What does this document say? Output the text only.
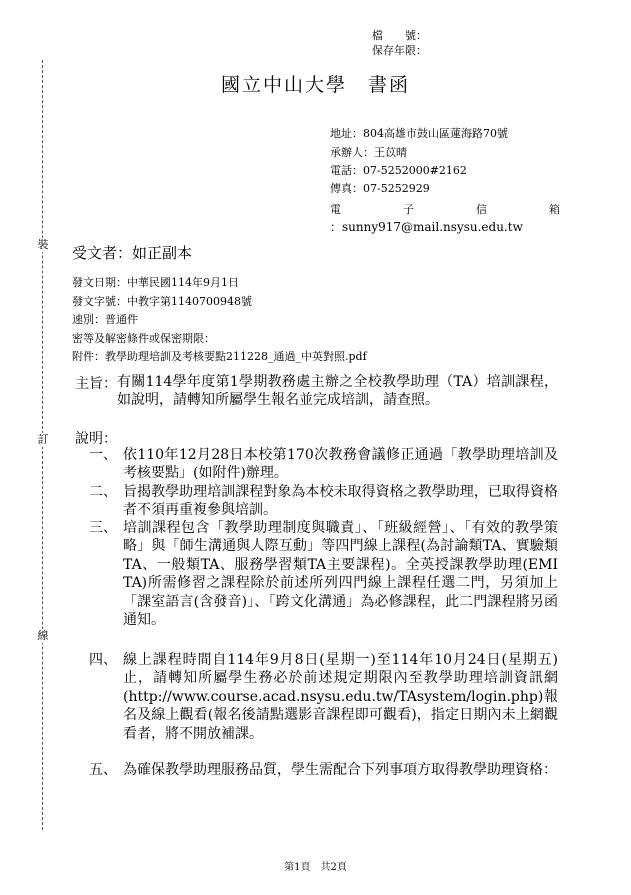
檔　　號：
保存年限：
裝
訂
線
國立中山大學　書函
地址：804高雄市鼓山區蓮海路70號
承辦人：王苡晴
電話：07-5252000#2162
傳真：07-5252929
電	子	信	箱
：sunny917@mail.nsysu.edu.tw
受文者：如正副本
發文日期：中華民國114年9月1日
發文字號：中教字第1140700948號
速別：普通件
密等及解密條件或保密期限：
附件：教學助理培訓及考核要點211228_通過_中英對照.pdf
主旨： 有關114學年度第1學期教務處主辦之全校教學助理（TA）培訓課程，如說明，請轉知所屬學生報名並完成培訓，請查照。
說明：
一、 依110年12月28日本校第170次教務會議修正通過「教學助理培訓及考核要點」(如附件)辦理。
二、 旨揭教學助理培訓課程對象為本校未取得資格之教學助理，已取得資格者不須再重複參與培訓。
三、 培訓課程包含「教學助理制度與職責」、「班級經營」、「有效的教學策略」與「師生溝通與人際互動」等四門線上課程(為討論類TA、實驗類TA、一般類TA、服務學習類TA主要課程)。全英授課教學助理(EMI TA)所需修習之課程除於前述所列四門線上課程任選二門，另須加上「課室語言(含發音)」、「跨文化溝通」為必修課程，此二門課程將另函通知。
四、 線上課程時間自114年9月8日(星期一)至114年10月24日(星期五)止，請轉知所屬學生務必於前述規定期限內至教學助理培訓資訊網(http://www.course.acad.nsysu.edu.tw/TAsystem/login.php)報名及線上觀看(報名後請點選影音課程即可觀看)，指定日期內未上網觀看者，將不開放補課。
五、 為確保教學助理服務品質，學生需配合下列事項方取得教學助理資格：
第1頁　共2頁
